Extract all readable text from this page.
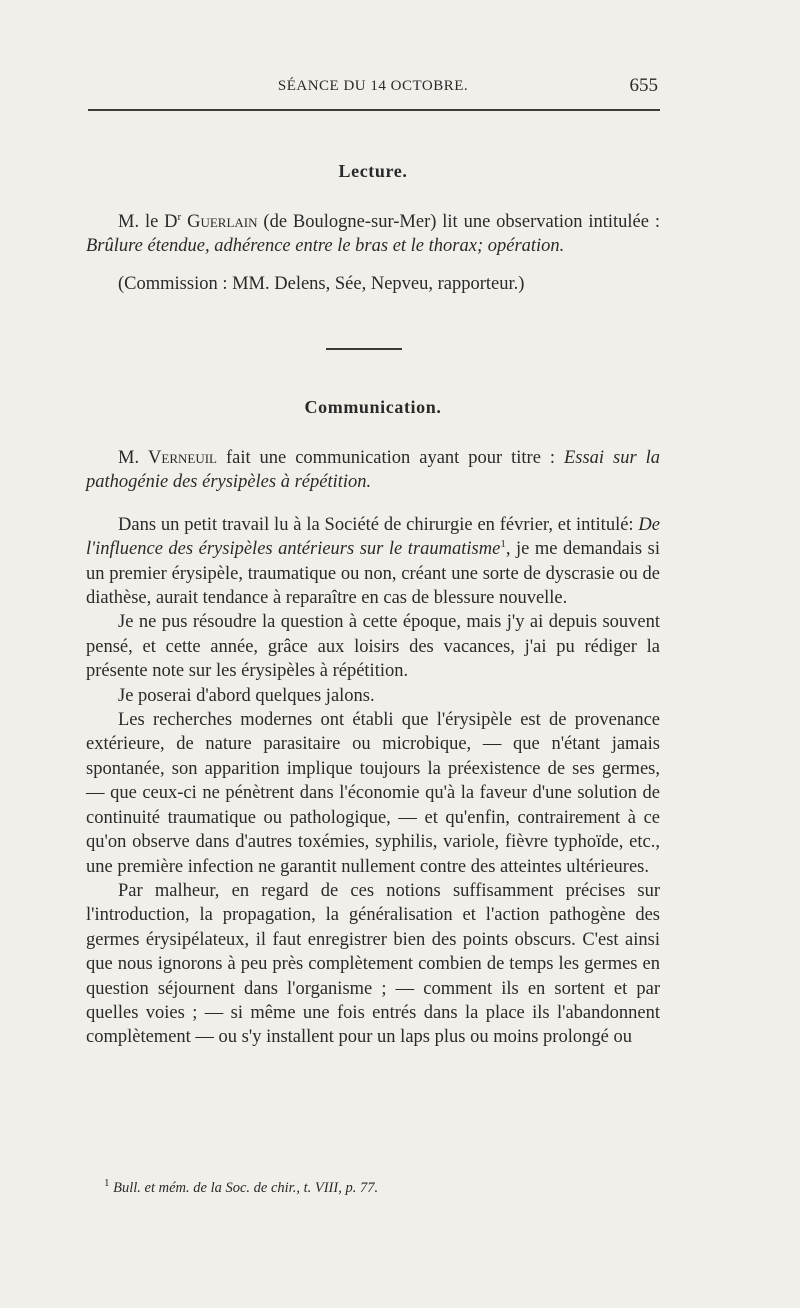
SÉANCE DU 14 OCTOBRE.	655
Lecture.

M. le $D^r$ Guerlain (de Boulogne-sur-Mer) lit une observation intitulée : Brûlure étendue, adhérence entre le bras et le thorax; opération.

(Commission : MM. Delens, Sée, Nepveu, rapporteur.)

Communication.

M. Verneuil fait une communication ayant pour titre : Essai sur la pathogénie des érysipèles à répétition.

Dans un petit travail lu à la Société de chirurgie en février, et intitulé: De l'influence des érysipèles antérieurs sur le traumatisme$^1$, je me demandais si un premier érysipèle, traumatique ou non, créant une sorte de dyscrasie ou de diathèse, aurait tendance à reparaître en cas de blessure nouvelle.

Je ne pus résoudre la question à cette époque, mais j'y ai depuis souvent pensé, et cette année, grâce aux loisirs des vacances, j'ai pu rédiger la présente note sur les érysipèles à répétition.

Je poserai d'abord quelques jalons.

Les recherches modernes ont établi que l'érysipèle est de provenance extérieure, de nature parasitaire ou microbique, — que n'étant jamais spontanée, son apparition implique toujours la préexistence de ses germes, — que ceux-ci ne pénètrent dans l'économie qu'à la faveur d'une solution de continuité traumatique ou pathologique, — et qu'enfin, contrairement à ce qu'on observe dans d'autres toxémies, syphilis, variole, fièvre typhoïde, etc., une première infection ne garantit nullement contre des atteintes ultérieures.

Par malheur, en regard de ces notions suffisamment précises sur l'introduction, la propagation, la généralisation et l'action pathogène des germes érysipélateux, il faut enregistrer bien des points obscurs. C'est ainsi que nous ignorons à peu près complètement combien de temps les germes en question séjournent dans l'organisme ; — comment ils en sortent et par quelles voies ; — si même une fois entrés dans la place ils l'abandonnent complètement — ou s'y installent pour un laps plus ou moins prolongé ou

$^1$ Bull. et mém. de la Soc. de chir., t. VIII, p. 77.
